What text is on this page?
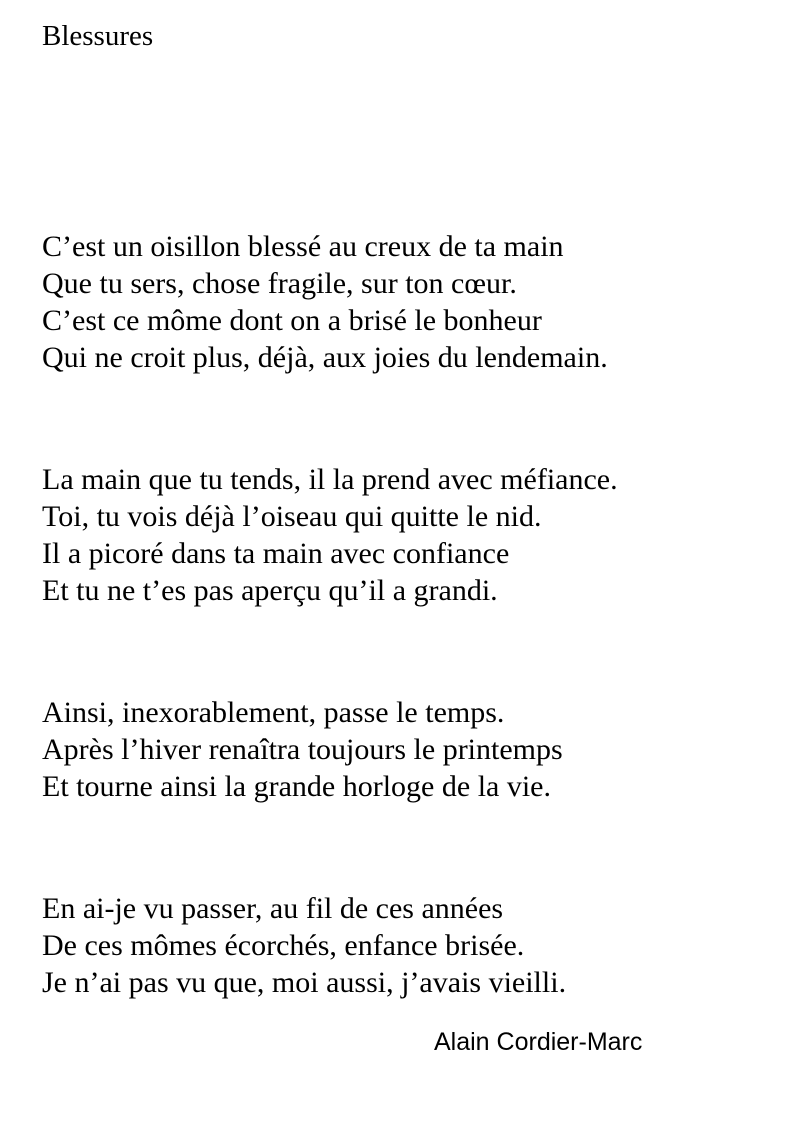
Blessures
C’est un oisillon blessé au creux de ta main
Que tu sers, chose fragile, sur ton cœur.
C’est ce môme dont on a brisé le bonheur
Qui ne croit plus, déjà, aux joies du lendemain.
La main que tu tends, il la prend avec méfiance.
Toi, tu vois déjà l’oiseau qui quitte le nid.
Il a picoré dans ta main avec confiance
Et tu ne t’es pas aperçu qu’il a grandi.
Ainsi, inexorablement, passe le temps.
Après l’hiver renaîtra toujours le printemps
Et tourne ainsi la grande horloge de la vie.
En ai-je vu passer, au fil de ces années
De ces mômes écorchés, enfance brisée.
Je n’ai pas vu que, moi aussi, j’avais vieilli.
Alain Cordier-Marc
